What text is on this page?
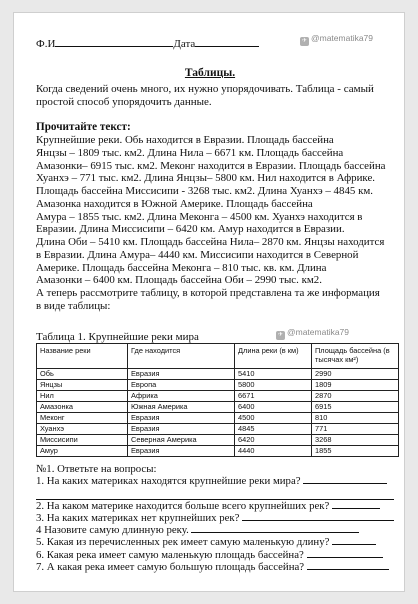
Ф.И	Дата	✈ @matematika79
Таблицы.
Когда сведений очень много, их нужно упорядочивать. Таблица - самый
простой способ упорядочить данные.
Прочитайте текст:
Крупнейшие реки. Обь находится в Евразии. Площадь бассейна
Янцзы – 1809 тыс. км2. Длина Нила – 6671 км. Площадь бассейна
Амазонки– 6915 тыс. км2. Меконг находится в Евразии. Площадь бассейна
Хуанхэ – 771 тыс. км2. Длина Янцзы– 5800 км. Нил находится в Африке.
Площадь бассейна Миссисипи - 3268 тыс. км2. Длина Хуанхэ – 4845 км.
Амазонка находится в Южной Америке. Площадь бассейна
Амура – 1855 тыс. км2. Длина Меконга – 4500 км. Хуанхэ находится в
Евразии. Длина Миссисипи – 6420 км. Амур находится в Евразии.
Длина Оби – 5410 км. Площадь бассейна Нила– 2870 км. Янцзы находится
в Евразии. Длина Амура– 4440 км. Миссисипи находится в Северной
Америке. Площадь бассейна Меконга – 810 тыс. кв. км. Длина
Амазонки – 6400 км. Площадь бассейна Оби – 2990 тыс. км2.
А теперь рассмотрите таблицу, в которой представлена та же информация
в виде таблицы:
Таблица 1. Крупнейшие реки мира	✈ @matematika79
Название реки	Где находится	Длина реки (в км)	Площадь бассейна (в тысячах км²)
Обь	Евразия	5410	2990
Янцзы	Европа	5800	1809
Нил	Африка	6671	2870
Амазонка	Южная Америка	6400	6915
Меконг	Евразия	4500	810
Хуанхэ	Евразия	4845	771
Миссисипи	Северная Америка	6420	3268
Амур	Евразия	4440	1855
№1. Ответьте на вопросы:
1. На каких материках находятся крупнейшие реки мира?
2. На каком материке находится больше всего крупнейших рек?
3. На каких материках нет крупнейших рек?
4 Назовите самую длинную реку.
5. Какая из перечисленных рек имеет самую маленькую длину?
6. Какая река имеет самую маленькую площадь бассейна?
7. А какая река имеет самую большую площадь бассейна?
